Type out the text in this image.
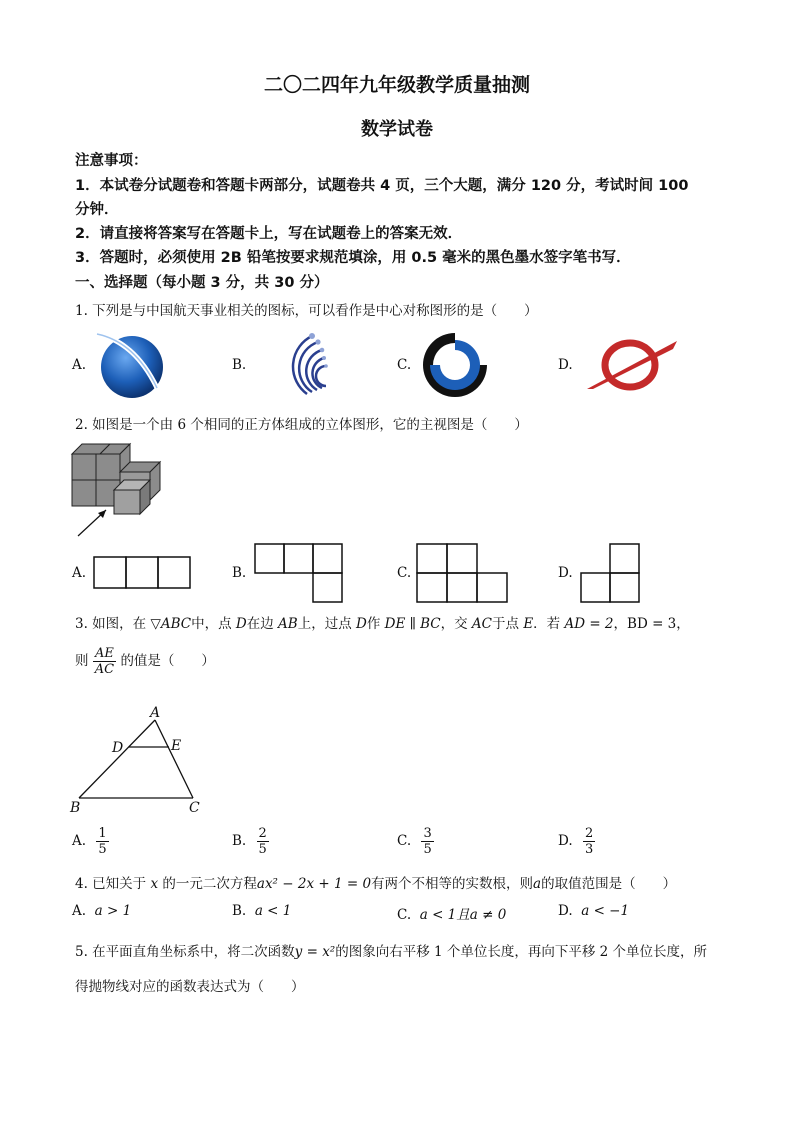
二〇二四年九年级教学质量抽测
数学试卷
注意事项：
1．本试卷分试题卷和答题卡两部分，试题卷共 4 页，三个大题，满分 120 分，考试时间 100
分钟．
2．请直接将答案写在答题卡上，写在试题卷上的答案无效．
3．答题时，必须使用 2B 铅笔按要求规范填涂，用 0.5 毫米的黑色墨水签字笔书写．
一、选择题（每小题 3 分，共 30 分）
1. 下列是与中国航天事业相关的图标，可以看作是中心对称图形的是（　　）
A.	B.	C.	D.
2. 如图是一个由 6 个相同的正方体组成的立体图形，它的主视图是（　　）
A.	B.	C.	D.
3. 如图，在 ▽ABC中，点 D在边 AB上，过点 D作 DE ∥ BC，交 AC于点 E．若 AD = 2，BD = 3，
则 $\frac{AE}{AC}$ 的值是（　　）
A
D	E
B	C
A. $\frac{1}{5}$	B. $\frac{2}{5}$	C. $\frac{3}{5}$	D. $\frac{2}{3}$
4. 已知关于 x 的一元二次方程ax² − 2x + 1 = 0有两个不相等的实数根，则a的取值范围是（　　）
A. a > 1	B. a < 1	C. a < 1且a ≠ 0	D. a < −1
5. 在平面直角坐标系中，将二次函数y = x²的图象向右平移 1 个单位长度，再向下平移 2 个单位长度，所
得抛物线对应的函数表达式为（　　）
